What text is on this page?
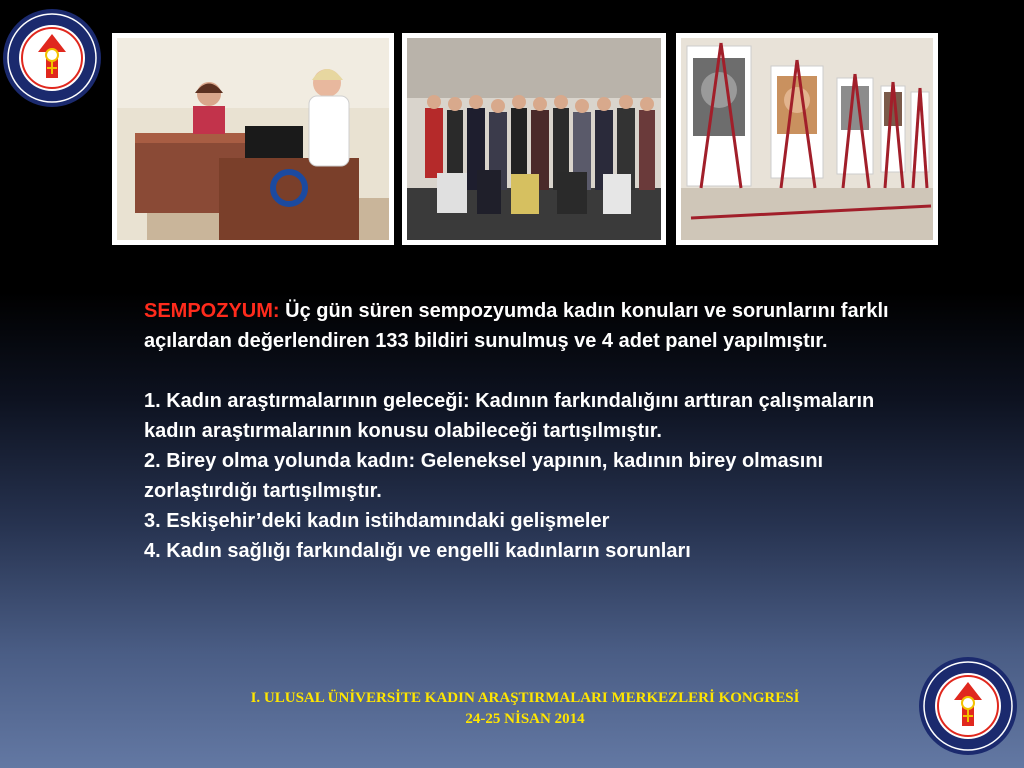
SEMPOZYUM: Üç gün süren sempozyumda kadın konuları ve sorunlarını farklı açılardan değerlendiren 133 bildiri sunulmuş ve 4 adet panel yapılmıştır.

1. Kadın araştırmalarının geleceği: Kadının farkındalığını arttıran çalışmaların kadın araştırmalarının konusu olabileceği tartışılmıştır.

2. Birey olma yolunda kadın: Geleneksel yapının, kadının birey olmasını zorlaştırdığı tartışılmıştır.

3. Eskişehir’deki kadın istihdamındaki gelişmeler

4. Kadın sağlığı farkındalığı ve engelli kadınların sorunları

I. ULUSAL ÜNİVERSİTE KADIN ARAŞTIRMALARI MERKEZLERİ KONGRESİ
24-25 NİSAN 2014
